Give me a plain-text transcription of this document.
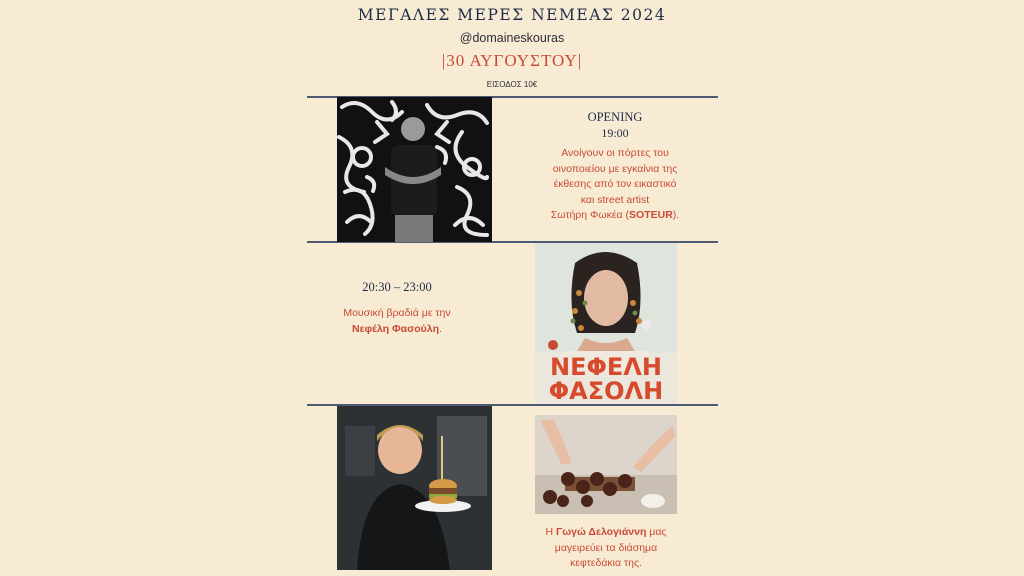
ΜΕΓΑΛΕΣ ΜΕΡΕΣ ΝΕΜΕΑΣ 2024
@domaineskouras
|30 ΑΥΓΟΥΣΤΟΥ|
ΕΙΣΟΔΟΣ 10€
OPENING
19:00
Ανοίγουν οι πόρτες του
οινοποιείου με εγκαίνια της
έκθεσης από τον εικαστικό
και street artist
Σωτήρη Φωκέα (SOTEUR).
20:30 – 23:00
Μουσική βραδιά με την
Νεφέλη Φασούλη.
ΝΕΦΕΛΗ
ΦΑΣΟΛΗ
Η Γωγώ Δελογιάννη μας
μαγειρεύει τα διάσημα
κεφτεδάκια της.
